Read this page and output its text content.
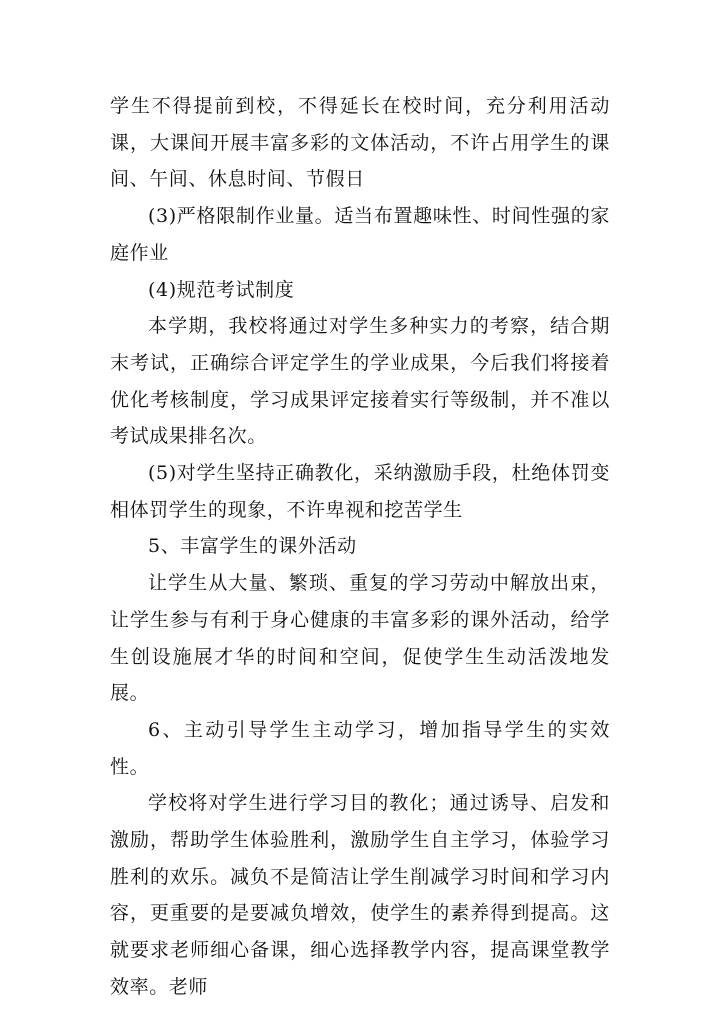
学生不得提前到校，不得延长在校时间，充分利用活动课，大课间开展丰富多彩的文体活动，不许占用学生的课间、午间、休息时间、节假日

(3)严格限制作业量。适当布置趣味性、时间性强的家庭作业

(4)规范考试制度

本学期，我校将通过对学生多种实力的考察，结合期末考试，正确综合评定学生的学业成果，今后我们将接着优化考核制度，学习成果评定接着实行等级制，并不准以考试成果排名次。

(5)对学生坚持正确教化，采纳激励手段，杜绝体罚变相体罚学生的现象，不许卑视和挖苦学生

5、丰富学生的课外活动

让学生从大量、繁琐、重复的学习劳动中解放出束，让学生参与有利于身心健康的丰富多彩的课外活动，给学生创设施展才华的时间和空间，促使学生生动活泼地发展。

6、主动引导学生主动学习，增加指导学生的实效性。

学校将对学生进行学习目的教化；通过诱导、启发和激励，帮助学生体验胜利，激励学生自主学习，体验学习胜利的欢乐。减负不是简洁让学生削减学习时间和学习内容，更重要的是要减负增效，使学生的素养得到提高。这就要求老师细心备课，细心选择教学内容，提高课堂教学效率。老师
